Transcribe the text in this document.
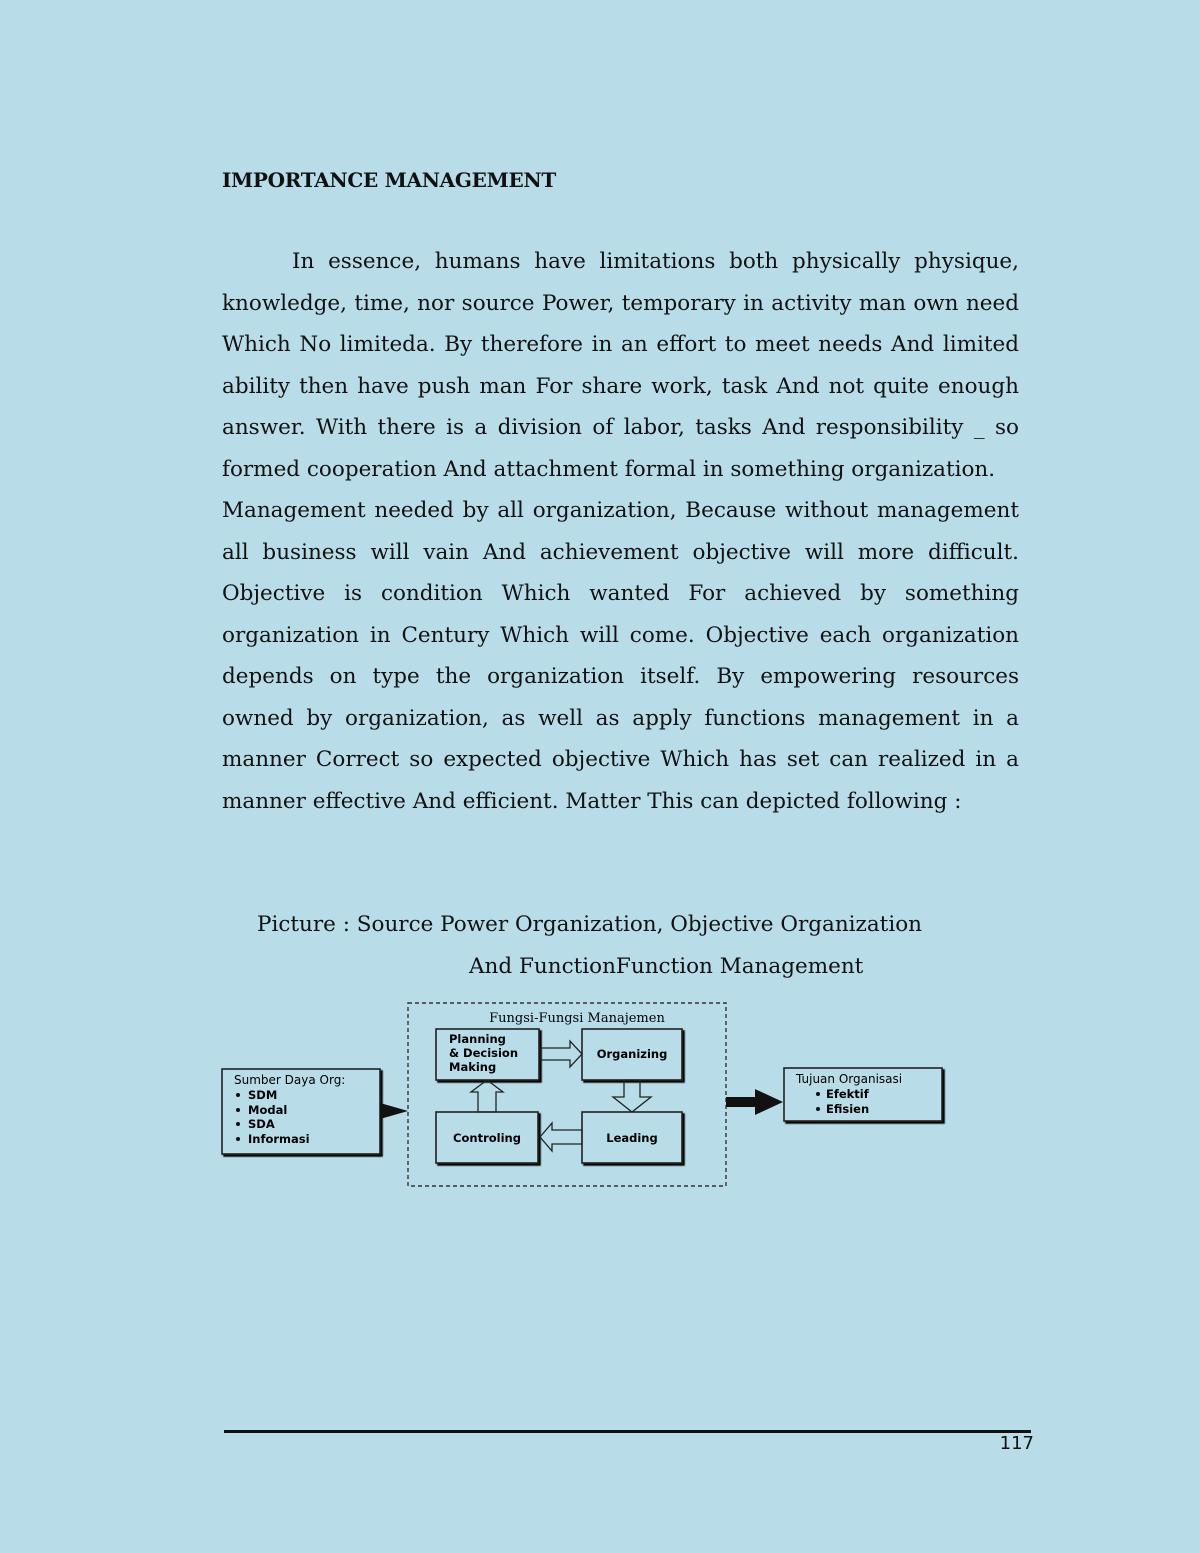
IMPORTANCE MANAGEMENT

In essence, humans have limitations both physically physique, knowledge, time, nor source Power, temporary in activity man own need Which No limiteda. By therefore in an effort to meet needs And limited ability then have push man For share work, task And not quite enough answer. With there is a division of labor, tasks And responsibility _ so formed cooperation And attachment formal in something organization.

Management needed by all organization, Because without management all business will vain And achievement objective will more difficult. Objective is condition Which wanted For achieved by something organization in Century Which will come. Objective each organization depends on type the organization itself. By empowering resources owned by organization, as well as apply functions management in a manner Correct so expected objective Which has set can realized in a manner effective And efficient. Matter This can depicted following :

Picture : Source Power Organization, Objective Organization
And FunctionFunction Management
Fungsi-Fungsi Manajemen
Sumber Daya Org:
SDM
Modal
SDA
Informasi
Planning
& Decision
Making
Organizing
Controling	Leading
Tujuan Organisasi
Efektif
Efisien
117
